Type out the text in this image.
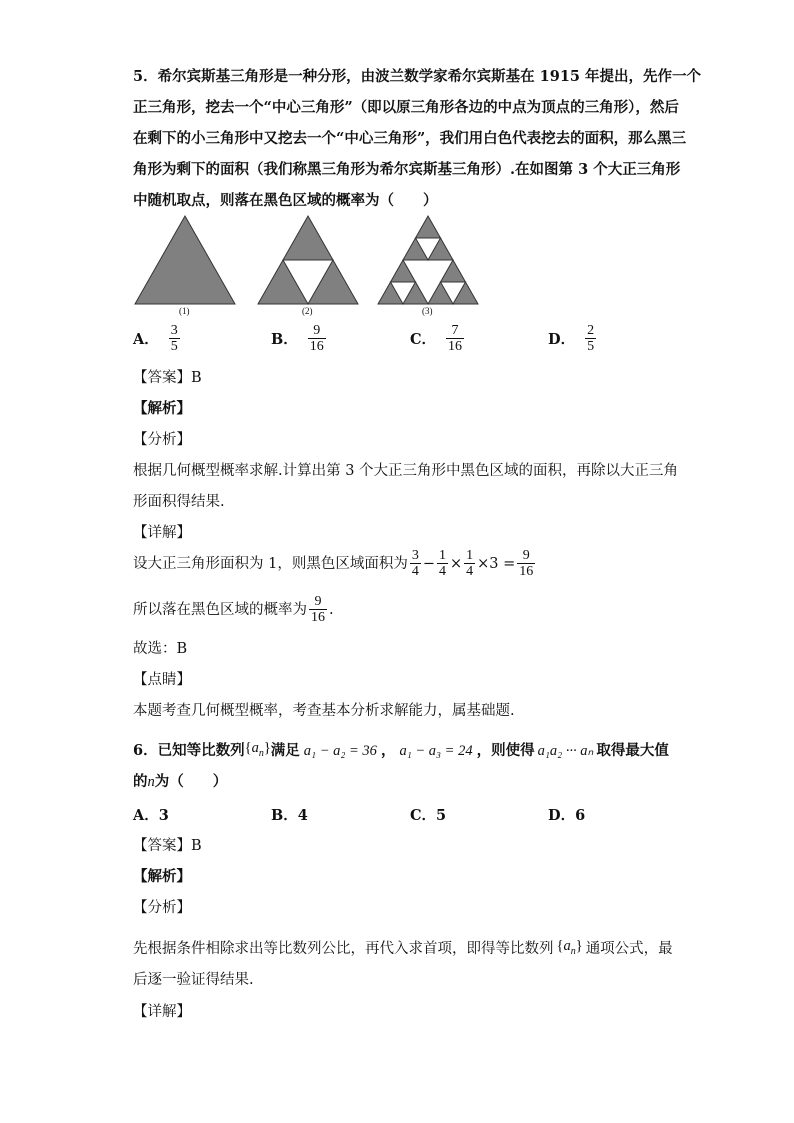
5．希尔宾斯基三角形是一种分形，由波兰数学家希尔宾斯基在 1915 年提出，先作一个
正三角形，挖去一个“中心三角形”（即以原三角形各边的中点为顶点的三角形），然后
在剩下的小三角形中又挖去一个“中心三角形”，我们用白色代表挖去的面积，那么黑三
角形为剩下的面积（我们称黑三角形为希尔宾斯基三角形）.在如图第 3 个大正三角形
中随机取点，则落在黑色区域的概率为（　　）
(1)	(2)	(3)
A． $\frac{3}{5}$	B． $\frac{9}{16}$	C． $\frac{7}{16}$	D． $\frac{2}{5}$
【答案】B
【解析】
【分析】
根据几何概型概率求解.计算出第 3 个大正三角形中黑色区域的面积，再除以大正三角
形面积得结果.
【详解】
设大正三角形面积为 1，则黑色区域面积为 $\frac{3}{4} - \frac{1}{4} \times \frac{1}{4} \times 3 = \frac{9}{16}$
所以落在黑色区域的概率为 $\frac{9}{16}$ .
故选：B
【点睛】
本题考查几何概型概率，考查基本分析求解能力，属基础题.
6．已知等比数列 $\{a_n\}$ 满足 a₁ − a₂ = 36 ， a₁ − a₃ = 24 ，则使得 a₁a₂ ··· aₙ 取得最大值
的n为（　　）
A．3	B．4	C．5	D．6
【答案】B
【解析】
【分析】
先根据条件相除求出等比数列公比，再代入求首项，即得等比数列 $\{a_n\}$ 通项公式，最
后逐一验证得结果.
【详解】
